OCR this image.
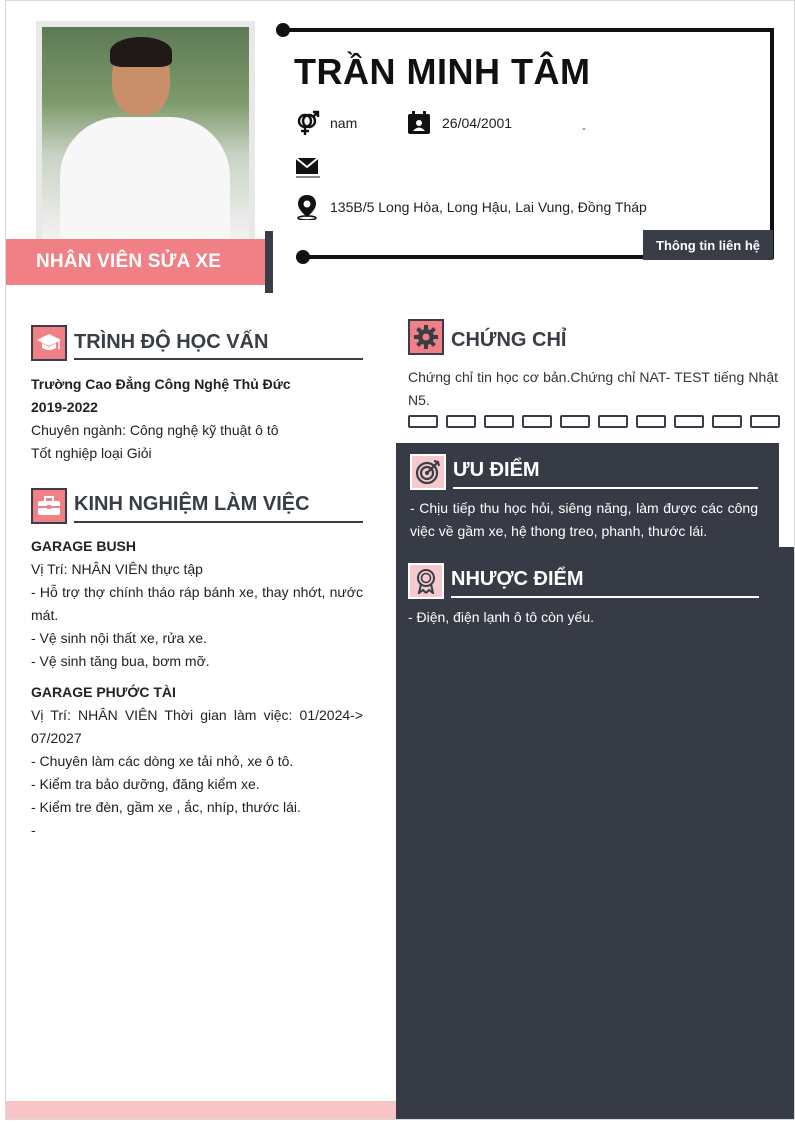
NHÂN VIÊN SỬA XE
TRẦN MINH TÂM
nam	26/04/2001	-
135B/5 Long Hòa, Long Hậu, Lai Vung, Đồng Tháp
Thông tin liên hệ
TRÌNH ĐỘ HỌC VẤN

Trường Cao Đẳng Công Nghệ Thủ Đức

2019-2022

Chuyên ngành: Công nghệ kỹ thuật ô tô

Tốt nghiệp loại Giỏi

KINH NGHIỆM LÀM VIỆC

GARAGE BUSH

Vị Trí: NHÂN VIÊN thực tập

- Hỗ trợ thợ chính tháo ráp bánh xe, thay nhớt, nước mát.

- Vệ sinh nội thất xe, rửa xe.

- Vệ sinh tăng bua, bơm mỡ.

GARAGE PHƯỚC TÀI

Vị Trí: NHÂN VIÊN Thời gian làm việc: 01/2024-> 07/2027

- Chuyên làm các dòng xe tải nhỏ, xe ô tô.

- Kiểm tra bảo dưỡng, đăng kiểm xe.

- Kiểm tre đèn, gầm xe , ắc, nhíp, thước lái.

-

CHỨNG CHỈ
Chứng chỉ tin học cơ bản.Chứng chỉ NAT- TEST tiếng Nhật N5.
ƯU ĐIỂM
- Chịu tiếp thu học hỏi, siêng năng, làm được các công việc về gầm xe, hệ thong treo, phanh, thước lái.
NHƯỢC ĐIỂM
- Điện, điện lạnh ô tô còn yếu.
